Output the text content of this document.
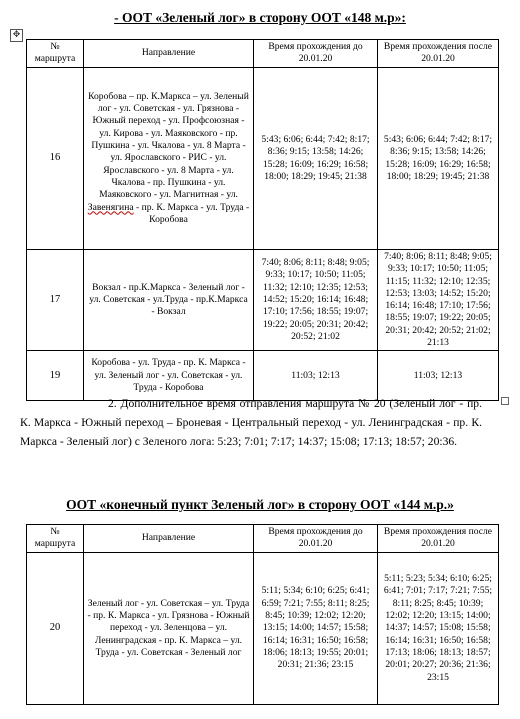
- ООТ «Зеленый лог» в сторону ООТ «148 м.р»:
✥
№ маршрута	Направление	Время прохождения до 20.01.20	Время прохождения после 20.01.20
16	Коробова – пр. К.Маркса – ул. Зеленый лог - ул. Советская - ул. Грязнова - Южный переход - ул. Профсоюзная - ул. Кирова - ул. Маяковского - пр. Пушкина - ул. Чкалова - ул. 8 Марта - ул. Ярославского - РИС - ул. Ярославского - ул. 8 Марта - ул. Чкалова - пр. Пушкина - ул. Маяковского - ул. Магнитная - ул. Завенягина - пр. К. Маркса - ул. Труда - Коробова	5:43; 6:06; 6:44; 7:42; 8:17; 8:36; 9:15; 13:58; 14:26; 15:28; 16:09; 16:29; 16:58; 18:00; 18:29; 19:45; 21:38	5:43; 6:06; 6:44; 7:42; 8:17; 8:36; 9:15; 13:58; 14:26; 15:28; 16:09; 16:29; 16:58; 18:00; 18:29; 19:45; 21:38
17	Вокзал - пр.К.Маркса - Зеленый лог - ул. Советская - ул.Труда - пр.К.Маркса - Вокзал	7:40; 8:06; 8:11; 8:48; 9:05; 9:33; 10:17; 10:50; 11:05; 11:32; 12:10; 12:35; 12:53; 14:52; 15:20; 16:14; 16:48; 17:10; 17:56; 18:55; 19:07; 19:22; 20:05; 20:31; 20:42; 20:52; 21:02	7:40; 8:06; 8:11; 8:48; 9:05; 9:33; 10:17; 10:50; 11:05; 11:15; 11:32; 12:10; 12:35; 12:53; 13:03; 14:52; 15:20; 16:14; 16:48; 17:10; 17:56; 18:55; 19:07; 19:22; 20:05; 20:31; 20:42; 20:52; 21:02; 21:13
19	Коробова - ул. Труда - пр. К. Маркса - ул. Зеленый лог - ул. Советская - ул. Труда - Коробова	11:03; 12:13	11:03; 12:13
2. Дополнительное время отправления маршрута № 20 (Зеленый лог - пр. К. Маркса - Южный переход – Броневая - Центральный переход - ул. Ленинградская - пр. К. Маркса - Зеленый лог) с Зеленого лога: 5:23; 7:01; 7:17; 14:37; 15:08; 17:13; 18:57; 20:36.
ООТ «конечный пункт Зеленый лог» в сторону ООТ «144 м.р.»
№ маршрута	Направление	Время прохождения до 20.01.20	Время прохождения после 20.01.20
20	Зеленый лог - ул. Советская – ул. Труда - пр. К. Маркса - ул. Грязнова - Южный переход - ул. Зеленцова – ул. Ленинградская - пр. К. Маркса – ул. Труда - ул. Советская - Зеленый лог	5:11; 5:34; 6:10; 6:25; 6:41; 6:59; 7:21; 7:55; 8:11; 8:25; 8:45; 10:39; 12:02; 12:20; 13:15; 14:00; 14:57; 15:58; 16:14; 16:31; 16:50; 16:58; 18:06; 18:13; 19:55; 20:01; 20:31; 21:36; 23:15	5:11; 5:23; 5:34; 6:10; 6:25; 6:41; 7:01; 7:17; 7:21; 7:55; 8:11; 8:25; 8:45; 10:39; 12:02; 12:20; 13:15; 14:00; 14:37; 14:57; 15:08; 15:58; 16:14; 16:31; 16:50; 16:58; 17:13; 18:06; 18:13; 18:57; 20:01; 20:27; 20:36; 21:36; 23:15
